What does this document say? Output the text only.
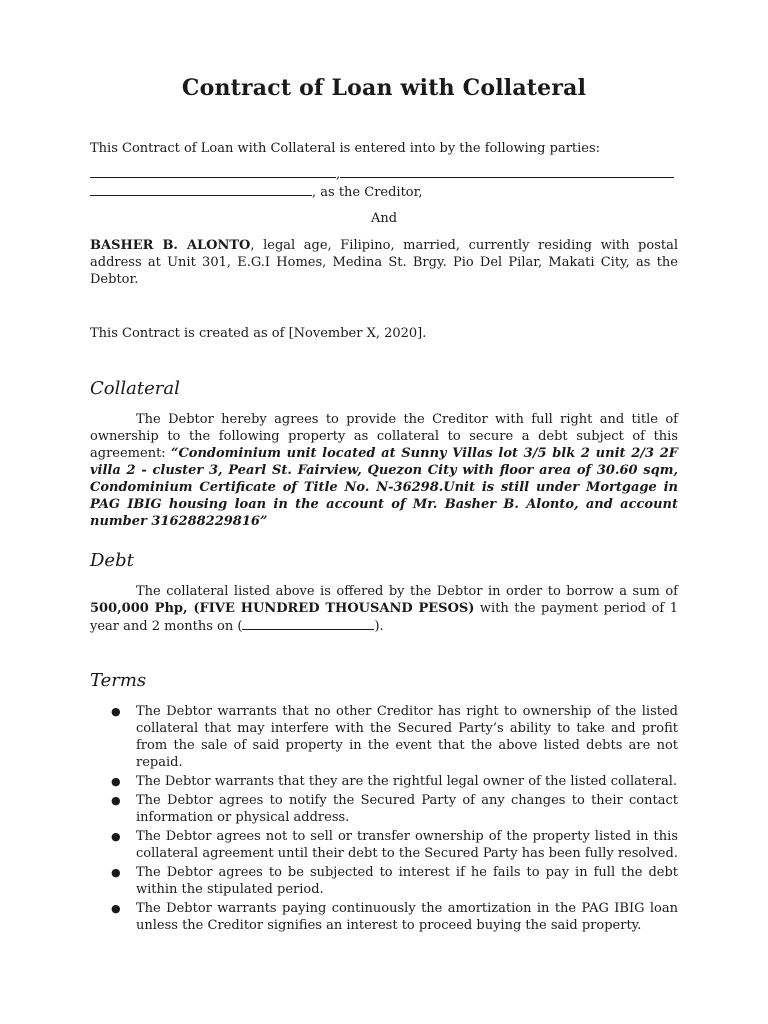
Contract of Loan with Collateral

This Contract of Loan with Collateral is entered into by the following parties:

,
, as the Creditor,
And

BASHER B. ALONTO, legal age, Filipino, married, currently residing with postal address at Unit 301, E.G.I Homes, Medina St. Brgy. Pio Del Pilar, Makati City, as the Debtor.

This Contract is created as of [November X, 2020].

Collateral

The Debtor hereby agrees to provide the Creditor with full right and title of ownership to the following property as collateral to secure a debt subject of this agreement: “Condominium unit located at Sunny Villas lot 3/5 blk 2 unit 2/3 2F villa 2 - cluster 3, Pearl St. Fairview, Quezon City with floor area of 30.60 sqm, Condominium Certificate of Title No. N-36298.Unit is still under Mortgage in PAG IBIG housing loan in the account of Mr. Basher B. Alonto, and account number 316288229816”

Debt

The collateral listed above is offered by the Debtor in order to borrow a sum of 500,000 Php, (FIVE HUNDRED THOUSAND PESOS) with the payment period of 1 year and 2 months on (	).

Terms
● The Debtor warrants that no other Creditor has right to ownership of the listed collateral that may interfere with the Secured Party’s ability to take and profit from the sale of said property in the event that the above listed debts are not repaid.
● The Debtor warrants that they are the rightful legal owner of the listed collateral.
● The Debtor agrees to notify the Secured Party of any changes to their contact information or physical address.
● The Debtor agrees not to sell or transfer ownership of the property listed in this collateral agreement until their debt to the Secured Party has been fully resolved.
● The Debtor agrees to be subjected to interest if he fails to pay in full the debt within the stipulated period.
● The Debtor warrants paying continuously the amortization in the PAG IBIG loan unless the Creditor signifies an interest to proceed buying the said property.
